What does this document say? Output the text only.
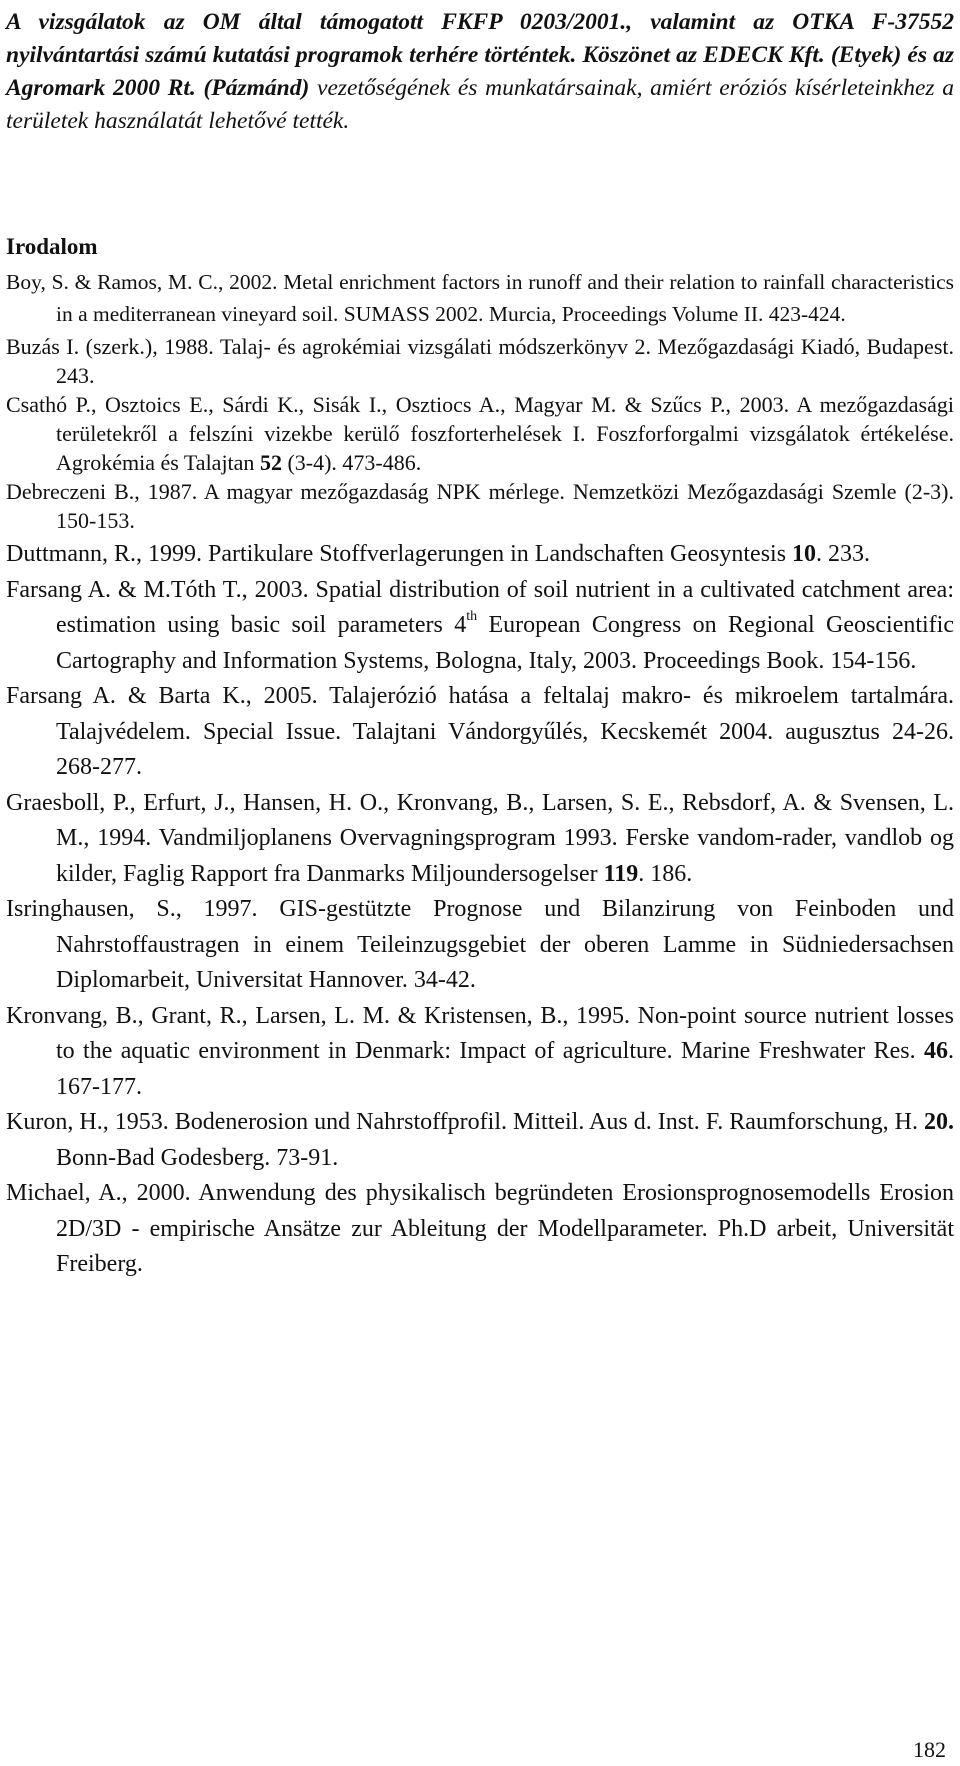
A vizsgálatok az OM által támogatott FKFP 0203/2001., valamint az OTKA F-37552 nyilvántartási számú kutatási programok terhére történtek. Köszönet az EDECK Kft. (Etyek) és az Agromark 2000 Rt. (Pázmánd) vezetőségének és munkatársainak, amiért eróziós kísérleteinkhez a területek használatát lehetővé tették.

Irodalom
Boy, S. & Ramos, M. C., 2002. Metal enrichment factors in runoff and their relation to rainfall characteristics in a mediterranean vineyard soil. SUMASS 2002. Murcia, Proceedings Volume II. 423-424.
Buzás I. (szerk.), 1988. Talaj- és agrokémiai vizsgálati módszerkönyv 2. Mezőgazdasági Kiadó, Budapest. 243.
Csathó P., Osztoics E., Sárdi K., Sisák I., Osztiocs A., Magyar M. & Szűcs P., 2003. A mezőgazdasági területekről a felszíni vizekbe kerülő foszforterhelések I. Foszforforgalmi vizsgálatok értékelése. Agrokémia és Talajtan 52 (3-4). 473-486.
Debreczeni B., 1987. A magyar mezőgazdaság NPK mérlege. Nemzetközi Mezőgazdasági Szemle (2-3). 150-153.
Duttmann, R., 1999. Partikulare Stoffverlagerungen in Landschaften Geosyntesis 10. 233.
Farsang A. & M.Tóth T., 2003. Spatial distribution of soil nutrient in a cultivated catchment area: estimation using basic soil parameters 4th European Congress on Regional Geoscientific Cartography and Information Systems, Bologna, Italy, 2003. Proceedings Book. 154-156.
Farsang A. & Barta K., 2005. Talajerózió hatása a feltalaj makro- és mikroelem tartalmára. Talajvédelem. Special Issue. Talajtani Vándorgyűlés, Kecskemét 2004. augusztus 24-26. 268-277.
Graesboll, P., Erfurt, J., Hansen, H. O., Kronvang, B., Larsen, S. E., Rebsdorf, A. & Svensen, L. M., 1994. Vandmiljoplanens Overvagningsprogram 1993. Ferske vandom-rader, vandlob og kilder, Faglig Rapport fra Danmarks Miljoundersogelser 119. 186.
Isringhausen, S., 1997. GIS-gestützte Prognose und Bilanzirung von Feinboden und Nahrstoffaustragen in einem Teileinzugsgebiet der oberen Lamme in Südniedersachsen Diplomarbeit, Universitat Hannover. 34-42.
Kronvang, B., Grant, R., Larsen, L. M. & Kristensen, B., 1995. Non-point source nutrient losses to the aquatic environment in Denmark: Impact of agriculture. Marine Freshwater Res. 46. 167-177.
Kuron, H., 1953. Bodenerosion und Nahrstoffprofil. Mitteil. Aus d. Inst. F. Raumforschung, H. 20. Bonn-Bad Godesberg. 73-91.
Michael, A., 2000. Anwendung des physikalisch begründeten Erosionsprognosemodells Erosion 2D/3D - empirische Ansätze zur Ableitung der Modellparameter. Ph.D arbeit, Universität Freiberg.
182
